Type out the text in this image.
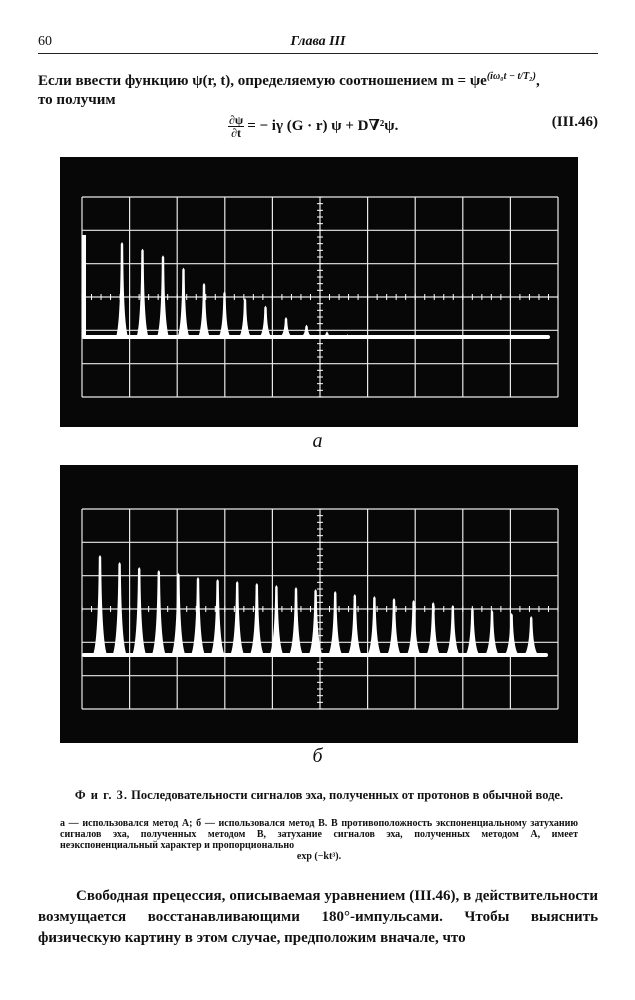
60	Глава III
Если ввести функцию ψ(r, t), определяемую соотношением $m = \psi e^{(i\omega_0t - t/T_2)}$,
то получим
$\frac{\partial\psi}{\partial t}$ = − iγ (G · r) ψ + D∇²ψ.	(III.46)
а
б
Ф и г. 3. Последовательности сигналов эха, полученных от протонов в обычной воде.
а — использовался метод А; б — использовался метод В. В противоположность экспоненциальному затуханию сигналов эха, полученных методом В, затухание сигналов эха, полученных методом А, имеет неэкспоненциальный характер и пропорционально
exp (−kt³).

Свободная прецессия, описываемая уравнением (III.46), в действительности возмущается восстанавливающими 180°-импульсами. Чтобы выяснить физическую картину в этом случае, предположим вначале, что
